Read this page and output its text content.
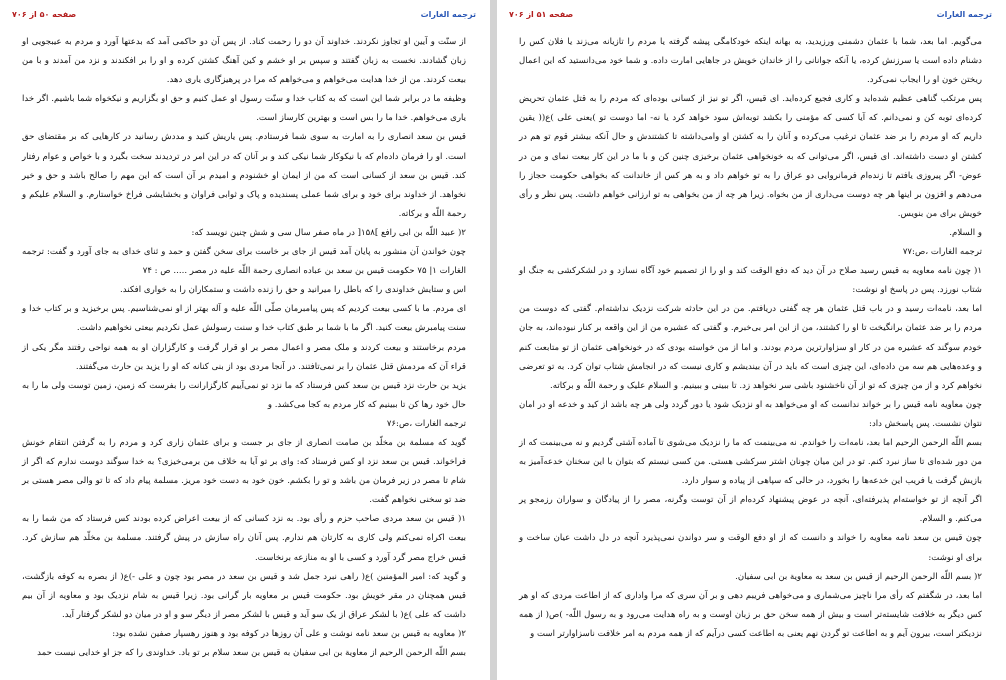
ترجمه الغارات
صفحه ۵۰ از ۷۰۶

از سنّت و آیین او تجاوز نکردند. خداوند آن دو را رحمت کناد. از پس آن دو حاکمی آمد که بدعتها آورد و مردم به عیبجویی او زبان گشادند. نخست به زبان گفتند و سپس بر او خشم و کین آهنگ کشتن کرده و او را بر افکندند و نزد من آمدند و با من بیعت کردند. من از خدا هدایت می‌خواهم و می‌خواهم که مرا در پرهیزگاری یاری دهد.

وظیفه ما در برابر شما این است که به کتاب خدا و سنّت رسول او عمل کنیم و حق او بگزاریم و نیکخواه شما باشیم. اگر خدا یاری می‌خواهم. خدا ما را بس است و بهترین کارساز است.

قیس بن سعد انصاری را به امارت به سوی شما فرستادم. پس یاریش کنید و مددش رسانید در کارهایی که بر مقتضای حق است. او را فرمان داده‌ام که با نیکوکار شما نیکی کند و بر آنان که در این امر در تردیدند سخت بگیرد و با خواص و عوام رفتار کند. قیس بن سعد از کسانی است که من از ایمان او خشنودم و امیدم بر آن است که این مهم را صالح باشد و حق و خیر نخواهد. از خداوند برای خود و برای شما عملی پسندیده و پاک و ثوابی فراوان و بخشایشی فراخ خواستارم. و السلام علیکم و رحمة اللّه و برکاته.

۲( عبید اللّه بن ابی رافع ]۱۵۸[ در ماه صفر سال سی و شش چنین نویسد که:

چون خواندن آن منشور به پایان آمد قیس از جای بر خاست برای سخن گفتن و حمد و ثنای خدای به جای آورد و گفت: ترجمه الغارات ۱| ۷۵ حکومت قیس بن سعد بن عباده انصاری رحمة اللّه علیه در مصر ..... ص : ۷۴

اس و ستایش خداوندی را که باطل را میرانید و حق را زنده داشت و ستمکاران را به خواری افکند.

ای مردم. ما با کسی بیعت کردیم که پس پیامبرمان صلّی اللّه علیه و آله بهتر از او نمی‌شناسیم. پس برخیزید و بر کتاب خدا و سنت پیامبرش بیعت کنید. اگر ما با شما بر طبق کتاب خدا و سنت رسولش عمل نکردیم بیعتی نخواهیم داشت.

مردم برخاستند و بیعت کردند و ملک مصر و اعمال مصر بر او قرار گرفت و کارگزاران او به همه نواحی رفتند مگر یکی از قراء آن که مردمش قتل عثمان را بر نمی‌تافتند. در آنجا مردی بود از بنی کنانه که او را یزید بن حارث می‌گفتند.

یزید بن حارث نزد قیس بن سعد کس فرستاد که ما نزد تو نمی‌آییم کارگزارانت را بفرست که زمین، زمین توست ولی ما را به حال خود رها کن تا ببینیم که کار مردم به کجا می‌کشد. و

ترجمه الغارات ،ص:۷۶

گوید که مسلمة بن مخلّد بن صامت انصاری از جای بر جست و برای عثمان زاری کرد و مردم را به گرفتن انتقام خونش فراخواند. قیس بن سعد نزد او کس فرستاد که: وای بر تو آیا به خلاف من برمی‌خیزی؟ به خدا سوگند دوست ندارم که اگر از شام تا مصر در زیر فرمان من باشد و تو را بکشم. خون خود به دست خود مریز. مسلمة پیام داد که تا تو والی مصر هستی بر ضد تو سخنی نخواهم گفت.

۱( قیس بن سعد مردی صاحب حزم و رأی بود. به نزد کسانی که از بیعت اعراض کرده بودند کس فرستاد که من شما را به بیعت اکراه نمی‌کنم ولی کاری به کارتان هم ندارم. پس آنان راه سازش در پیش گرفتند. مسلمة بن مخلّد هم سازش کرد. قیس خراج مصر گرد آورد و کسی با او به منازعه برنخاست.

و گوید که: امیر المؤمنین )ع( راهی نبرد جمل شد و قیس بن سعد در مصر بود چون و علی -)ع( از بصره به کوفه بازگشت، قیس همچنان در مقر خویش بود. حکومت قیس بر معاویه بار گرانی بود. زیرا قیس به شام نزدیک بود و معاویه از آن بیم داشت که علی )ع( با لشکر عراق از یک سو آید و قیس با لشکر مصر از دیگر سو و او در میان دو لشکر گرفتار آید.

۲( معاویه به قیس بن سعد نامه نوشت و علی آن روزها در کوفه بود و هنوز رهسپار صفین نشده بود:

بسم اللّه الرحمن الرحیم از معاویة بن ابی سفیان به قیس بن سعد سلام بر تو باد. خداوندی را که جز او خدایی نیست حمد

ترجمه الغارات
صفحه ۵۱ از ۷۰۶

می‌گویم. اما بعد، شما با عثمان دشمنی ورزیدید، به بهانه اینکه خودکامگی پیشه گرفته یا مردم را تازیانه می‌زند یا فلان کس را دشنام داده است یا سرزنش کرده، یا آنکه جوانانی را از خاندان خویش در جاهایی امارت داده. و شما خود می‌دانستید که این اعمال ریختن خون او را ایجاب نمی‌کرد.

پس مرتکب گناهی عظیم شده‌اید و کاری فجیع کرده‌اید. ای قیس، اگر تو نیز از کسانی بوده‌ای که مردم را به قتل عثمان تحریض کرده‌ای توبه کن و نمی‌دانم. که آیا کسی که مؤمنی را بکشد توبه‌اش سود خواهد کرد یا نه- اما دوست تو )یعنی علی )ع(( یقین داریم که او مردم را بر ضد عثمان ترغیب می‌کرده و آنان را به کشتن او وامی‌داشته تا کشتندش و حال آنکه بیشتر قوم تو هم در کشتن او دست داشته‌اند. ای قیس، اگر می‌توانی که به خونخواهی عثمان برخیزی چنین کن و با ما در این کار بیعت نمای و من در عوض- اگر پیروزی یافتم تا زنده‌ام فرمانروایی دو عراق را به تو خواهم داد و به هر کس از خاندانت که بخواهی حکومت حجاز را می‌دهم و افزون بر اینها هر چه دوست می‌داری از من بخواه. زیرا هر چه از من بخواهی به تو ارزانی خواهم داشت. پس نظر و رأی خویش برای من بنویس.

و السلام.

ترجمه الغارات ،ص:۷۷

۱( چون نامه معاویه به قیس رسید صلاح در آن دید که دفع الوقت کند و او را از تصمیم خود آگاه نسازد و در لشکرکشی به جنگ او شتاب نورزد. پس در پاسخ او نوشت:

اما بعد، نامه‌ات رسید و در باب قتل عثمان هر چه گفتی دریافتم. من در این حادثه شرکت نزدیک نداشته‌ام. گفتی که دوست من مردم را بر ضد عثمان برانگیخت تا او را کشتند، من از این امر بی‌خبرم. و گفتی که عشیره من از این واقعه بر کنار نبوده‌اند، به جان خودم سوگند که عشیره من در کار او سزاوارترین مردم بودند. و اما از من خواسته بودی که در خونخواهی عثمان از تو متابعت کنم و وعده‌هایی هم سه من داده‌ای، این چیزی است که باید در آن بیندیشم و کاری نیست که در انجامش شتاب توان کرد. به تو تعرضی نخواهم کرد و از من چیزی که تو از آن ناخشنود باشی سر نخواهد زد. تا ببینی و ببینیم. و السلام علیک و رحمة اللّه و برکاته.

چون معاویه نامه قیس را بر خواند ندانست که او می‌خواهد به او نزدیک شود یا دور گردد ولی هر چه باشد از کید و خدعه او در امان نتوان نشست. پس پاسخش داد:

بسم اللّه الرحمن الرحیم اما بعد، نامه‌ات را خواندم. نه می‌بینمت که ما را نزدیک می‌شوی تا آماده آشتی گردیم و نه می‌بینمت که از من دور شده‌ای تا ساز نبرد کنم. تو در این میان چونان اشتر سرکشی هستی. من کسی نیستم که بتوان با این سخنان خدعه‌آمیز به بازیش گرفت یا فریب این خدعه‌ها را بخورد، در حالی که سپاهی از پیاده و سوار دارد.

اگر آنچه از تو خواسته‌ام پذیرفته‌ای، آنچه در عوض پیشنهاد کرده‌ام از آن توست وگرنه، مصر را از پیادگان و سواران رزمجو پر می‌کنم. و السلام.

چون قیس بن سعد نامه معاویه را خواند و دانست که از او دفع الوقت و سر دواندن نمی‌پذیرد آنچه در دل داشت عیان ساخت و برای او نوشت:

۲( بسم اللّه الرحمن الرحیم از قیس بن سعد به معاویة بن ابی سفیان.

اما بعد، در شگفتم که رأی مرا ناچیز می‌شماری و می‌خواهی فریبم دهی و بر آن سری که مرا واداری که از اطاعت مردی که او هر کس دیگر به خلافت شایسته‌تر است و بیش از همه سخن حق بر زبان اوست و به راه هدایت می‌رود و به رسول اللّه- )ص( از همه نزدیکتر است، بیرون آیم و به اطاعت تو گردن نهم یعنی به اطاعت کسی درآیم که از همه مردم به امر خلافت ناسزاوارتر است و
